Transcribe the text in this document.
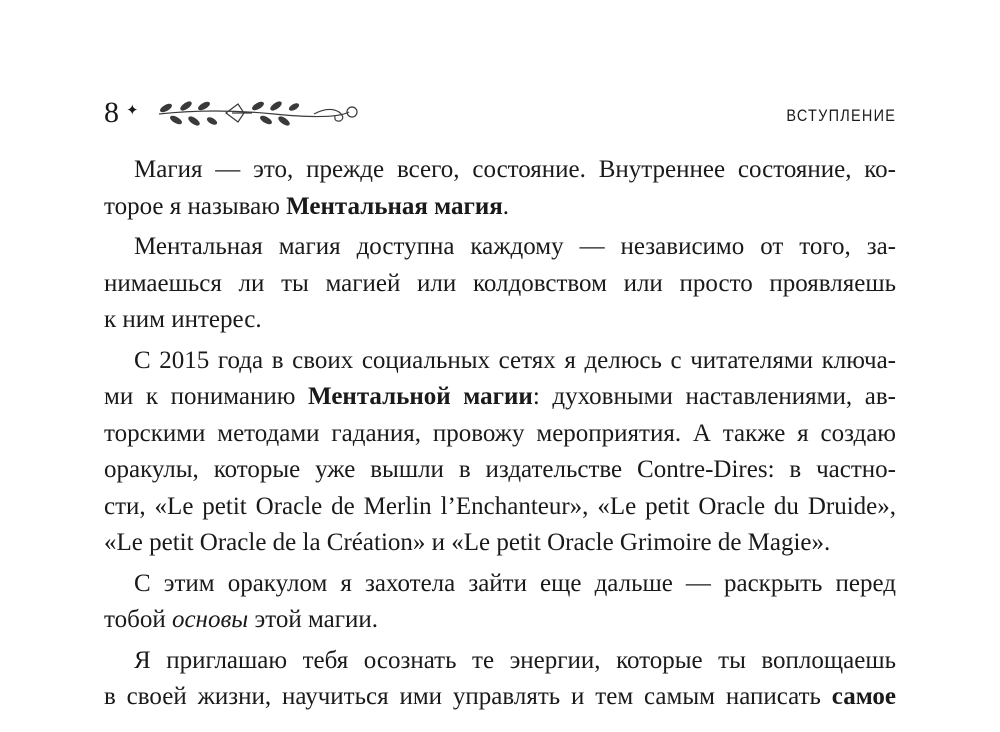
8 ✦	ВСТУПЛЕНИЕ
Магия — это, прежде всего, состояние. Внутреннее состояние, ко-
торое я называю Ментальная магия.
Ментальная магия доступна каждому — независимо от того, за-
нимаешься ли ты магией или колдовством или просто проявляешь
к ним интерес.
С 2015 года в своих социальных сетях я делюсь с читателями ключа-
ми к пониманию Ментальной магии: духовными наставлениями, ав-
торскими методами гадания, провожу мероприятия. А также я создаю
оракулы, которые уже вышли в издательстве Contre-Dires: в частно-
сти, «Le petit Oracle de Merlin l’Enchanteur», «Le petit Oracle du Druide»,
«Le petit Oracle de la Création» и «Le petit Oracle Grimoire de Magie».
С этим оракулом я захотела зайти еще дальше — раскрыть перед
тобой основы этой магии.
Я приглашаю тебя осознать те энергии, которые ты воплощаешь
в своей жизни, научиться ими управлять и тем самым написать самое
